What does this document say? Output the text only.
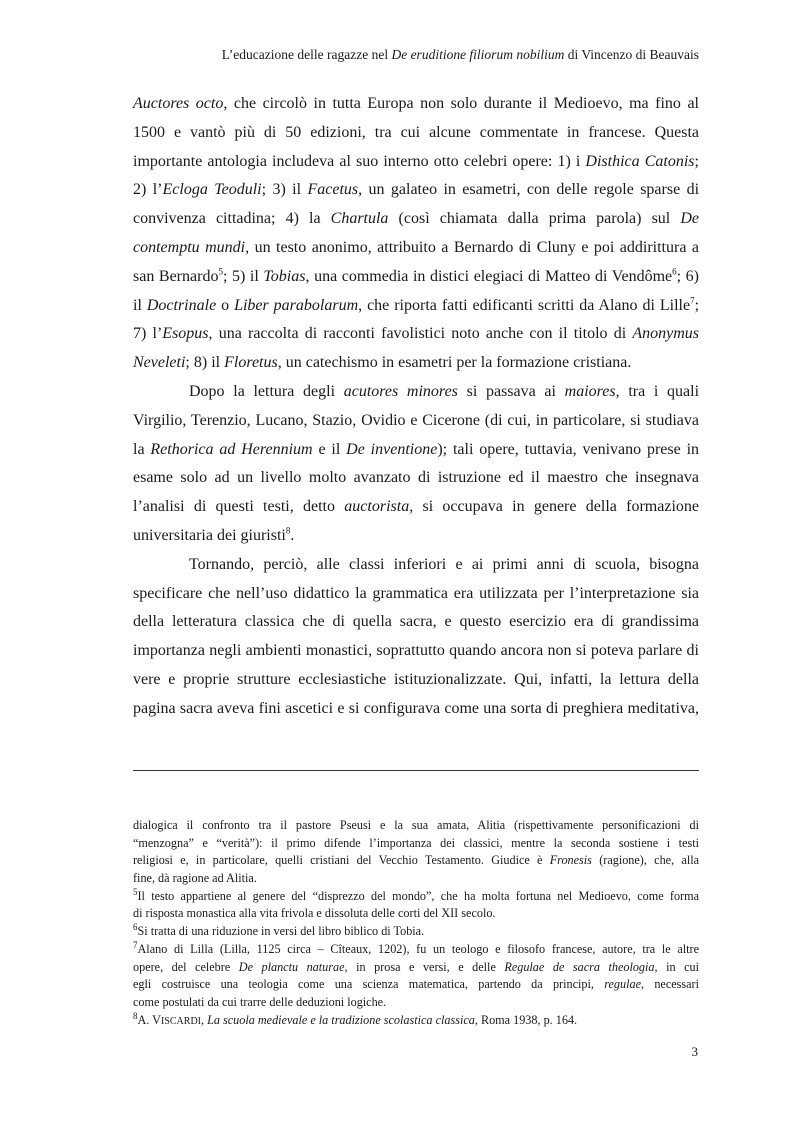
L’educazione delle ragazze nel De eruditione filiorum nobilium di Vincenzo di Beauvais
Auctores octo, che circolò in tutta Europa non solo durante il Medioevo, ma fino al
1500 e vantò più di 50 edizioni, tra cui alcune commentate in francese. Questa
importante antologia includeva al suo interno otto celebri opere: 1) i Disthica Catonis;
2) l’Ecloga Teoduli; 3) il Facetus, un galateo in esametri, con delle regole sparse di
convivenza cittadina; 4) la Chartula (così chiamata dalla prima parola) sul De
contemptu mundi, un testo anonimo, attribuito a Bernardo di Cluny e poi addirittura a
san Bernardo$^5$; 5) il Tobias, una commedia in distici elegiaci di Matteo di Vendôme$^6$; 6)
il Doctrinale o Liber parabolarum, che riporta fatti edificanti scritti da Alano di Lille$^7$;
7) l’Esopus, una raccolta di racconti favolistici noto anche con il titolo di Anonymus
Neveleti; 8) il Floretus, un catechismo in esametri per la formazione cristiana.
Dopo la lettura degli acutores minores si passava ai maiores, tra i quali
Virgilio, Terenzio, Lucano, Stazio, Ovidio e Cicerone (di cui, in particolare, si studiava
la Rethorica ad Herennium e il De inventione); tali opere, tuttavia, venivano prese in
esame solo ad un livello molto avanzato di istruzione ed il maestro che insegnava
l’analisi di questi testi, detto auctorista, si occupava in genere della formazione
universitaria dei giuristi$^8$.
Tornando, perciò, alle classi inferiori e ai primi anni di scuola, bisogna
specificare che nell’uso didattico la grammatica era utilizzata per l’interpretazione sia
della letteratura classica che di quella sacra, e questo esercizio era di grandissima
importanza negli ambienti monastici, soprattutto quando ancora non si poteva parlare di
vere e proprie strutture ecclesiastiche istituzionalizzate. Qui, infatti, la lettura della
pagina sacra aveva fini ascetici e si configurava come una sorta di preghiera meditativa,
dialogica il confronto tra il pastore Pseusi e la sua amata, Alitia (rispettivamente personificazioni di
“menzogna” e “verità”): il primo difende l’importanza dei classici, mentre la seconda sostiene i testi
religiosi e, in particolare, quelli cristiani del Vecchio Testamento. Giudice è Fronesis (ragione), che, alla
fine, dà ragione ad Alitia.
$^5$Il testo appartiene al genere del “disprezzo del mondo”, che ha molta fortuna nel Medioevo, come forma
di risposta monastica alla vita frivola e dissoluta delle corti del XII secolo.
$^6$Si tratta di una riduzione in versi del libro biblico di Tobia.
$^7$Alano di Lilla (Lilla, 1125 circa – Cîteaux, 1202), fu un teologo e filosofo francese, autore, tra le altre
opere, del celebre De planctu naturae, in prosa e versi, e delle Regulae de sacra theologia, in cui
egli costruisce una teologia come una scienza matematica, partendo da principi, regulae, necessari
come postulati da cui trarre delle deduzioni logiche.
$^8$A. VISCARDI, La scuola medievale e la tradizione scolastica classica, Roma 1938, p. 164.
3
